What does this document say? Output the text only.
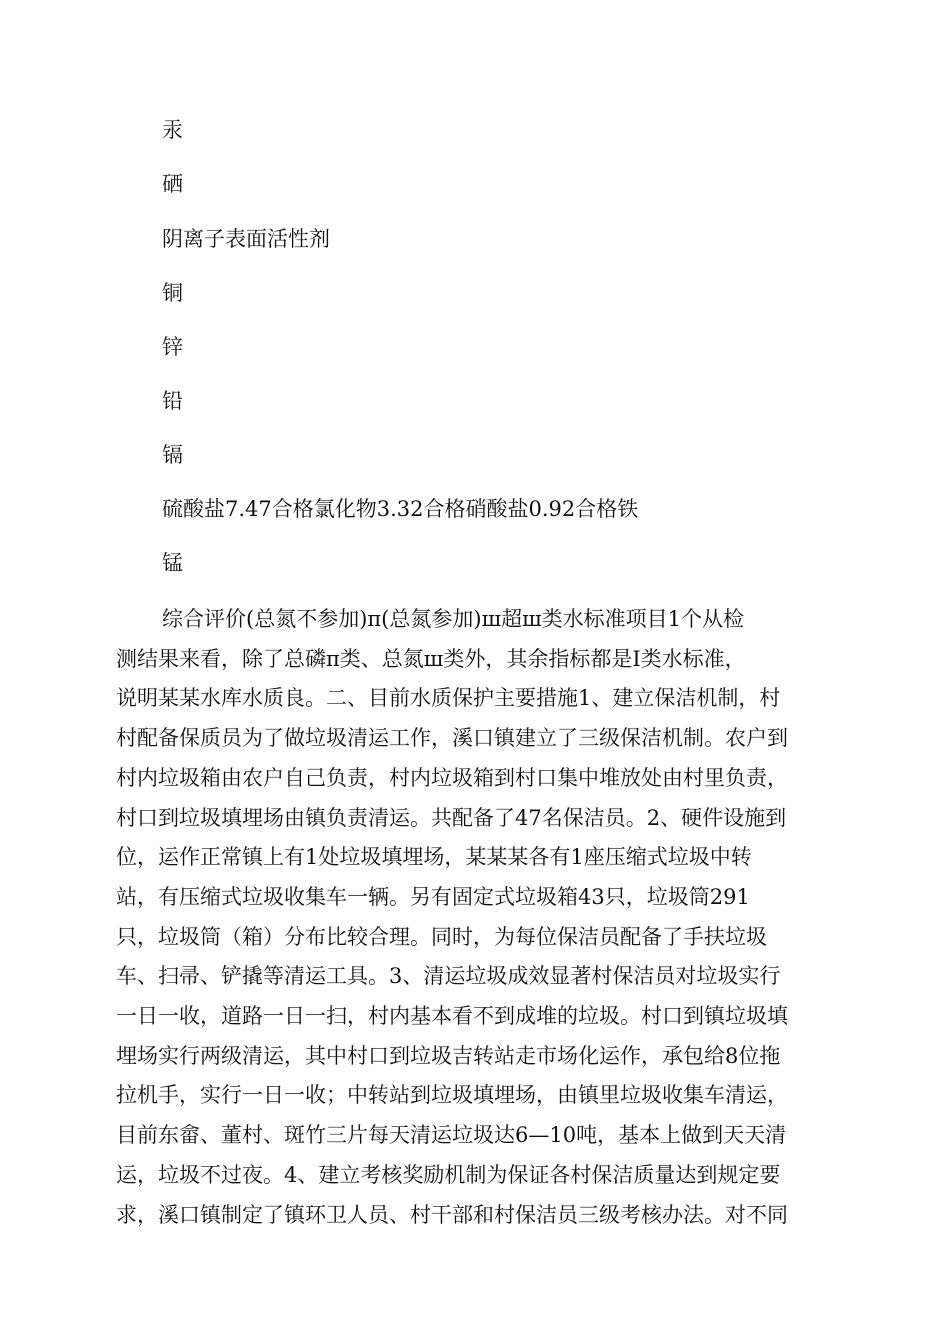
汞

硒

阴离子表面活性剂

铜

锌

铅

镉

硫酸盐7.47合格氯化物3.32合格硝酸盐0.92合格铁

锰

综合评价(总氮不参加)π(总氮参加)ш超ш类水标准项目1个从检
测结果来看，除了总磷π类、总氮ш类外，其余指标都是Ⅰ类水标准，
说明某某水库水质良。二、目前水质保护主要措施1、建立保洁机制，村
村配备保质员为了做垃圾清运工作，溪口镇建立了三级保洁机制。农户到
村内垃圾箱由农户自己负责，村内垃圾箱到村口集中堆放处由村里负责，
村口到垃圾填埋场由镇负责清运。共配备了47名保洁员。2、硬件设施到
位，运作正常镇上有1处垃圾填埋场，某某某各有1座压缩式垃圾中转
站，有压缩式垃圾收集车一辆。另有固定式垃圾箱43只，垃圾筒291
只，垃圾筒（箱）分布比较合理。同时，为每位保洁员配备了手扶垃圾
车、扫帚、铲撬等清运工具。3、清运垃圾成效显著村保洁员对垃圾实行
一日一收，道路一日一扫，村内基本看不到成堆的垃圾。村口到镇垃圾填
埋场实行两级清运，其中村口到垃圾吉转站走市场化运作，承包给8位拖
拉机手，实行一日一收；中转站到垃圾填埋场，由镇里垃圾收集车清运，
目前东畲、董村、斑竹三片每天清运垃圾达6—10吨，基本上做到天天清
运，垃圾不过夜。4、建立考核奖励机制为保证各村保洁质量达到规定要
求，溪口镇制定了镇环卫人员、村干部和村保洁员三级考核办法。对不同
